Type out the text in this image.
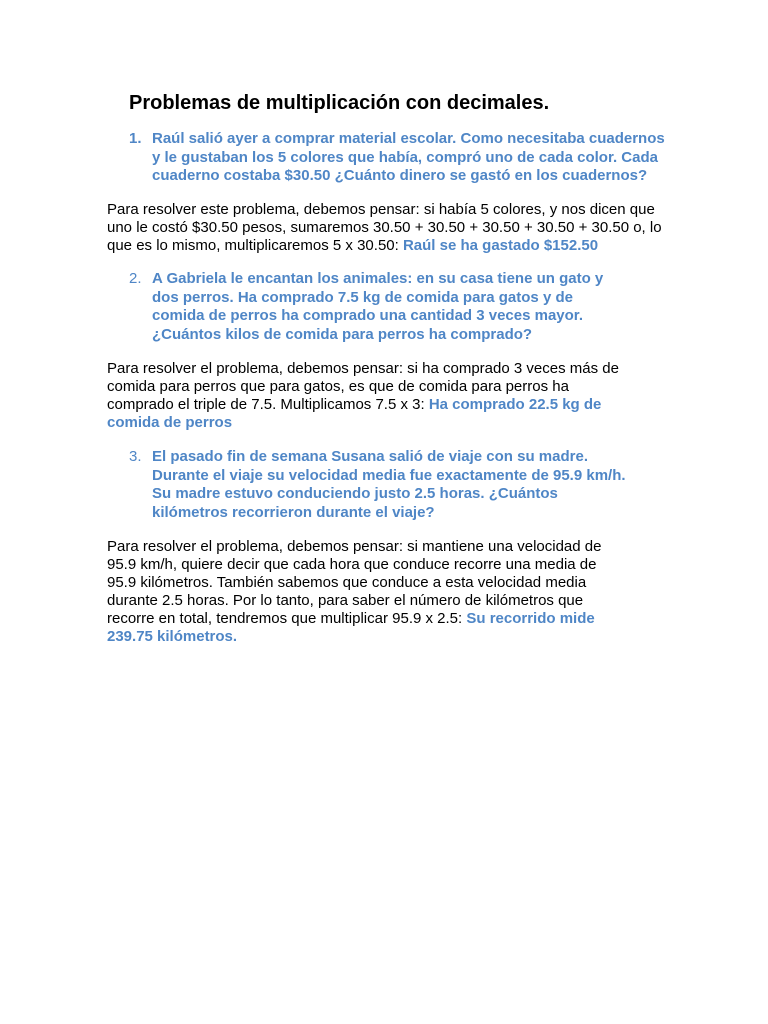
Problemas de multiplicación con decimales.
1. Raúl salió ayer a comprar material escolar. Como necesitaba cuadernos
y le gustaban los 5 colores que había, compró uno de cada color. Cada
cuaderno costaba $30.50 ¿Cuánto dinero se gastó en los cuadernos?
Para resolver este problema, debemos pensar: si había 5 colores, y nos dicen que
uno le costó $30.50 pesos, sumaremos 30.50 + 30.50 + 30.50 + 30.50 + 30.50 o, lo
que es lo mismo, multiplicaremos 5 x 30.50: Raúl se ha gastado $152.50
2. A Gabriela le encantan los animales: en su casa tiene un gato y
dos perros. Ha comprado 7.5 kg de comida para gatos y de
comida de perros ha comprado una cantidad 3 veces mayor.
¿Cuántos kilos de comida para perros ha comprado?
Para resolver el problema, debemos pensar: si ha comprado 3 veces más de
comida para perros que para gatos, es que de comida para perros ha
comprado el triple de 7.5. Multiplicamos 7.5 x 3: Ha comprado 22.5 kg de
comida de perros
3. El pasado fin de semana Susana salió de viaje con su madre.
Durante el viaje su velocidad media fue exactamente de 95.9 km/h.
Su madre estuvo conduciendo justo 2.5 horas. ¿Cuántos
kilómetros recorrieron durante el viaje?
Para resolver el problema, debemos pensar: si mantiene una velocidad de
95.9 km/h, quiere decir que cada hora que conduce recorre una media de
95.9 kilómetros. También sabemos que conduce a esta velocidad media
durante 2.5 horas. Por lo tanto, para saber el número de kilómetros que
recorre en total, tendremos que multiplicar 95.9 x 2.5: Su recorrido mide
239.75 kilómetros.
